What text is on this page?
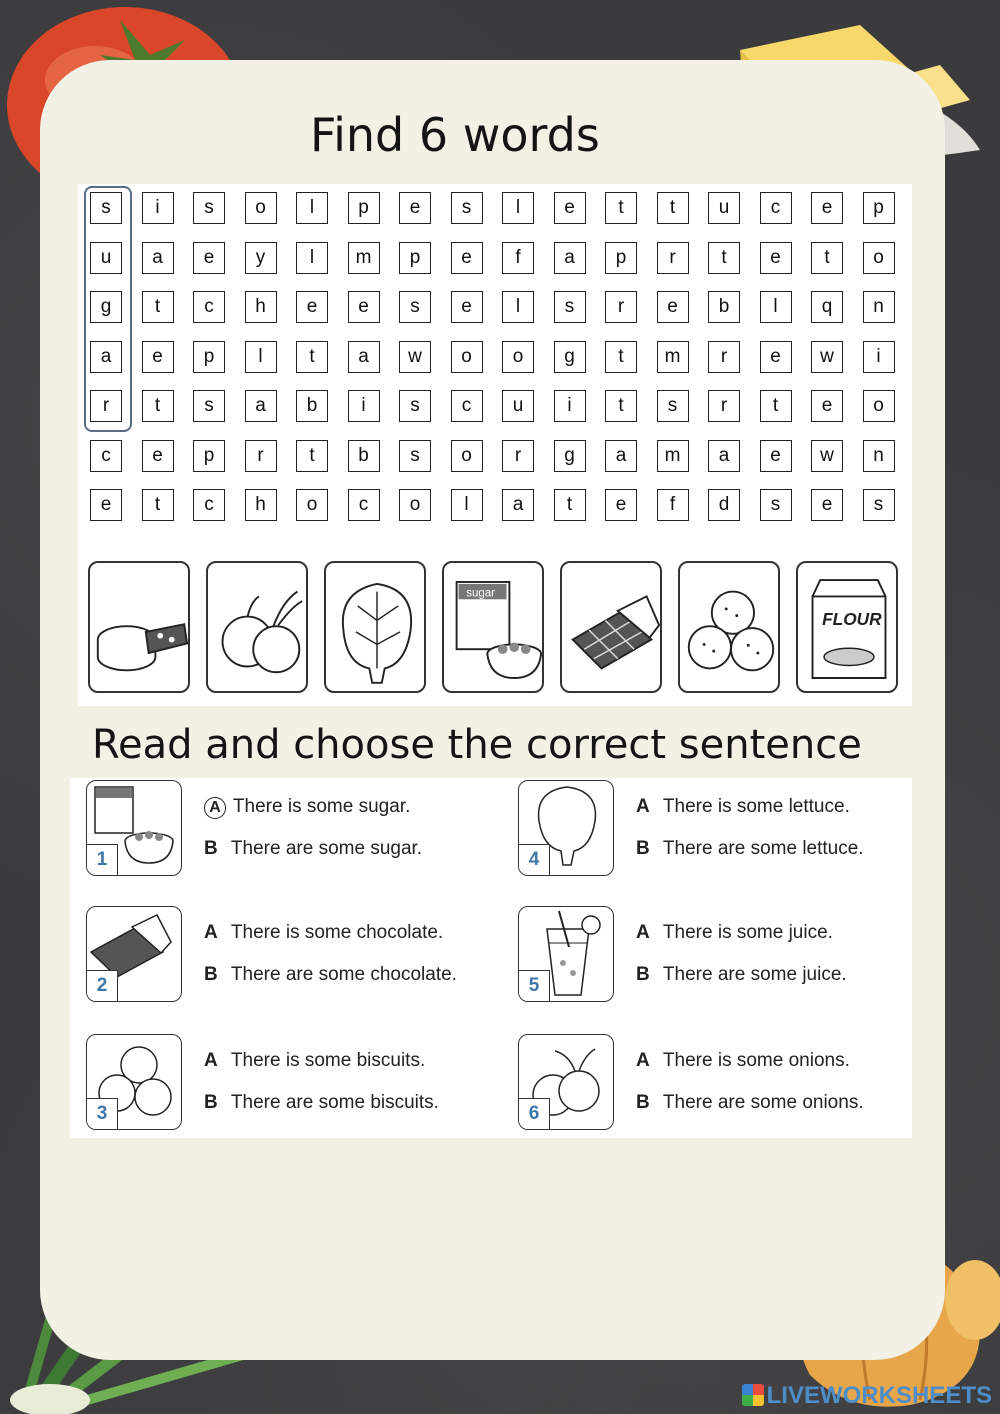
Find 6 words
s	i	s	o	l	p	e	s	l	e	t	t	u	c	e	p
u	a	e	y	l	m	p	e	f	a	p	r	t	e	t	o
g	t	c	h	e	e	s	e	l	s	r	e	b	l	q	n
a	e	p	l	t	a	w	o	o	g	t	m	r	e	w	i
r	t	s	a	b	i	s	c	u	i	t	s	r	t	e	o
c	e	p	r	t	b	s	o	r	g	a	m	a	e	w	n
e	t	c	h	o	c	o	l	a	t	e	f	d	s	e	s
sugar
FLOUR
Read and choose the correct sentence
1
A There is some sugar.
B There are some sugar.
2
A There is some chocolate.
B There are some chocolate.
3
A There is some biscuits.
B There are some biscuits.
4
A There is some lettuce.
B There are some lettuce.
5
A There is some juice.
B There are some juice.
6
A There is some onions.
B There are some onions.
LIVEWORKSHEETS
